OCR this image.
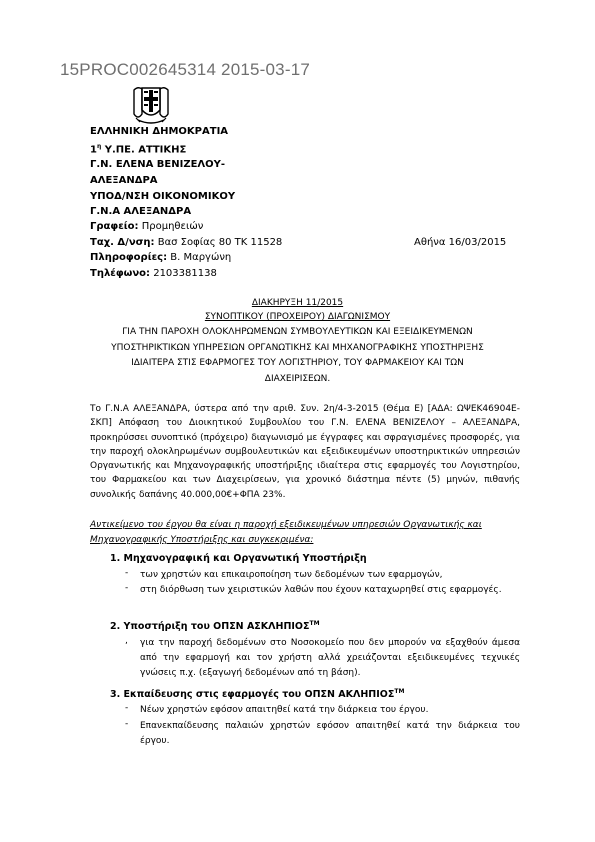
15PROC002645314 2015-03-17
ΕΛΛΗΝΙΚΗ ΔΗΜΟΚΡΑΤΙΑ
$1^\eta$ Υ.ΠΕ. ΑΤΤΙΚΗΣ
Γ.Ν. ΕΛΕΝΑ ΒΕΝΙΖΕΛΟΥ-
ΑΛΕΞΑΝΔΡΑ
ΥΠΟΔ/ΝΣΗ ΟΙΚΟΝΟΜΙΚΟΥ
Γ.Ν.Α ΑΛΕΞΑΝΔΡΑ
Γραφείο: Προμηθειών
Ταχ. Δ/νση: Βασ Σοφίας 80 ΤΚ 11528	Αθήνα 16/03/2015
Πληροφορίες: Β. Μαργώνη
Τηλέφωνο: 2103381138
ΔΙΑΚΗΡΥΞΗ 11/2015
ΣΥΝΟΠΤΙΚΟΥ (ΠΡΟΧΕΙΡΟΥ) ΔΙΑΓΩΝΙΣΜΟΥ
ΓΙΑ ΤΗΝ ΠΑΡΟΧΗ ΟΛΟΚΛΗΡΩΜΕΝΩΝ ΣΥΜΒΟΥΛΕΥΤΙΚΩΝ ΚΑΙ ΕΞΕΙΔΙΚΕΥΜΕΝΩΝ
ΥΠΟΣΤΗΡΙΚΤΙΚΩΝ ΥΠΗΡΕΣΙΩΝ ΟΡΓΑΝΩΤΙΚΗΣ ΚΑΙ ΜΗΧΑΝΟΓΡΑΦΙΚΗΣ ΥΠΟΣΤΗΡΙΞΗΣ
ΙΔΙΑΙΤΕΡΑ ΣΤΙΣ ΕΦΑΡΜΟΓΕΣ ΤΟΥ ΛΟΓΙΣΤΗΡΙΟΥ, ΤΟΥ ΦΑΡΜΑΚΕΙΟΥ ΚΑΙ ΤΩΝ
ΔΙΑΧΕΙΡΙΣΕΩΝ.
Το Γ.Ν.Α ΑΛΕΞΑΝΔΡΑ, ύστερα από την αριθ. Συν. 2η/4-3-2015 (Θέμα Ε) [ΑΔΑ: ΩΨΕΚ46904Ε-ΣΚΠ] Απόφαση του Διοικητικού Συμβουλίου του Γ.Ν. ΕΛΕΝΑ ΒΕΝΙΖΕΛΟΥ – ΑΛΕΞΑΝΔΡΑ, προκηρύσσει συνοπτικό (πρόχειρο) διαγωνισμό με έγγραφες και σφραγισμένες προσφορές, για την παροχή ολοκληρωμένων συμβουλευτικών και εξειδικευμένων υποστηρικτικών υπηρεσιών Οργανωτικής και Μηχανογραφικής υποστήριξης ιδιαίτερα στις εφαρμογές του Λογιστηρίου, του Φαρμακείου και των Διαχειρίσεων, για χρονικό διάστημα πέντε (5) μηνών, πιθανής συνολικής δαπάνης 40.000,00€+ΦΠΑ 23%.
Αντικείμενο του έργου θα είναι η παροχή εξειδικευμένων υπηρεσιών Οργανωτικής και Μηχανογραφικής Υποστήριξης και συγκεκριμένα:
1. Μηχανογραφική και Οργανωτική Υποστήριξη
- των χρηστών και επικαιροποίηση των δεδομένων των εφαρμογών,
- στη διόρθωση των χειριστικών λαθών που έχουν καταχωρηθεί στις εφαρμογές.
2. Υποστήριξη του ΟΠΣΝ ΑΣΚΛΗΠΙΟΣ™
, για την παροχή δεδομένων στο Νοσοκομείο που δεν μπορούν να εξαχθούν άμεσα από την εφαρμογή και τον χρήστη αλλά χρειάζονται εξειδικευμένες τεχνικές γνώσεις π.χ. (εξαγωγή δεδομένων από τη βάση).
3. Εκπαίδευσης στις εφαρμογές του ΟΠΣΝ ΑΚΛΗΠΙΟΣ™
- Νέων χρηστών εφόσον απαιτηθεί κατά την διάρκεια του έργου.
- Επανεκπαίδευσης παλαιών χρηστών εφόσον απαιτηθεί κατά την διάρκεια του έργου.
